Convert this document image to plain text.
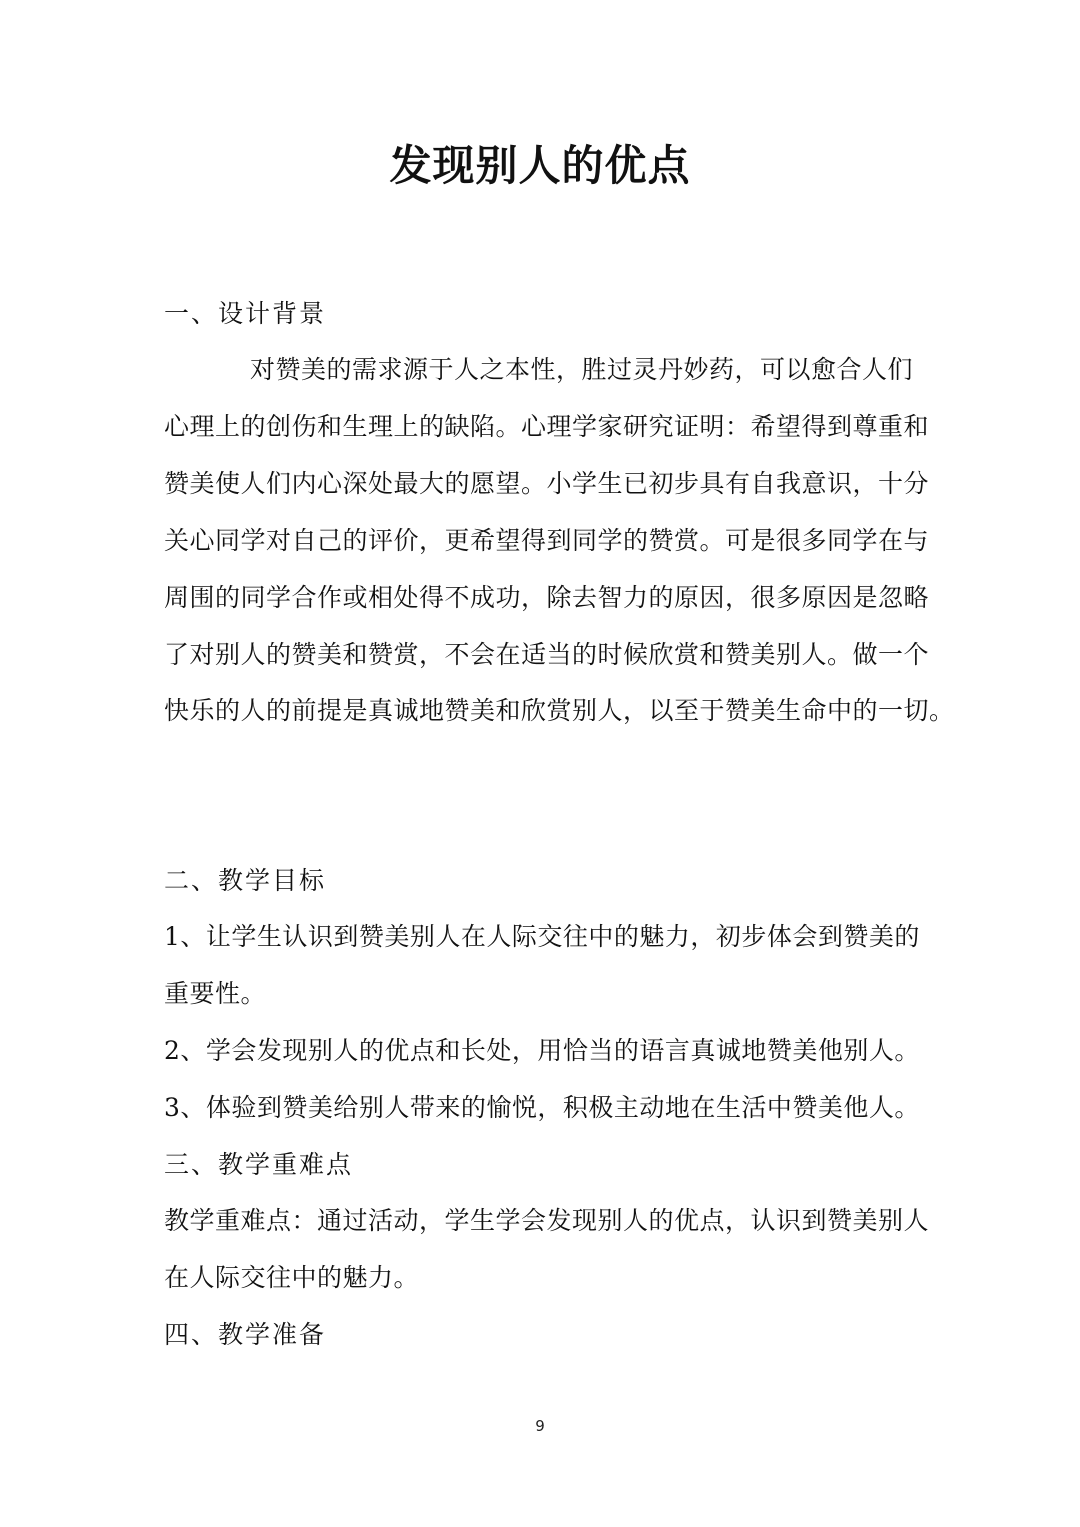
发现别人的优点
一、设计背景
对赞美的需求源于人之本性，胜过灵丹妙药，可以愈合人们
心理上的创伤和生理上的缺陷。心理学家研究证明：希望得到尊重和
赞美使人们内心深处最大的愿望。小学生已初步具有自我意识，十分
关心同学对自己的评价，更希望得到同学的赞赏。可是很多同学在与
周围的同学合作或相处得不成功，除去智力的原因，很多原因是忽略
了对别人的赞美和赞赏，不会在适当的时候欣赏和赞美别人。做一个
快乐的人的前提是真诚地赞美和欣赏别人，以至于赞美生命中的一切。
二、教学目标
1、让学生认识到赞美别人在人际交往中的魅力，初步体会到赞美的
重要性。
2、学会发现别人的优点和长处，用恰当的语言真诚地赞美他别人。
3、体验到赞美给别人带来的愉悦，积极主动地在生活中赞美他人。
三、教学重难点
教学重难点：通过活动，学生学会发现别人的优点，认识到赞美别人
在人际交往中的魅力。
四、教学准备
9
